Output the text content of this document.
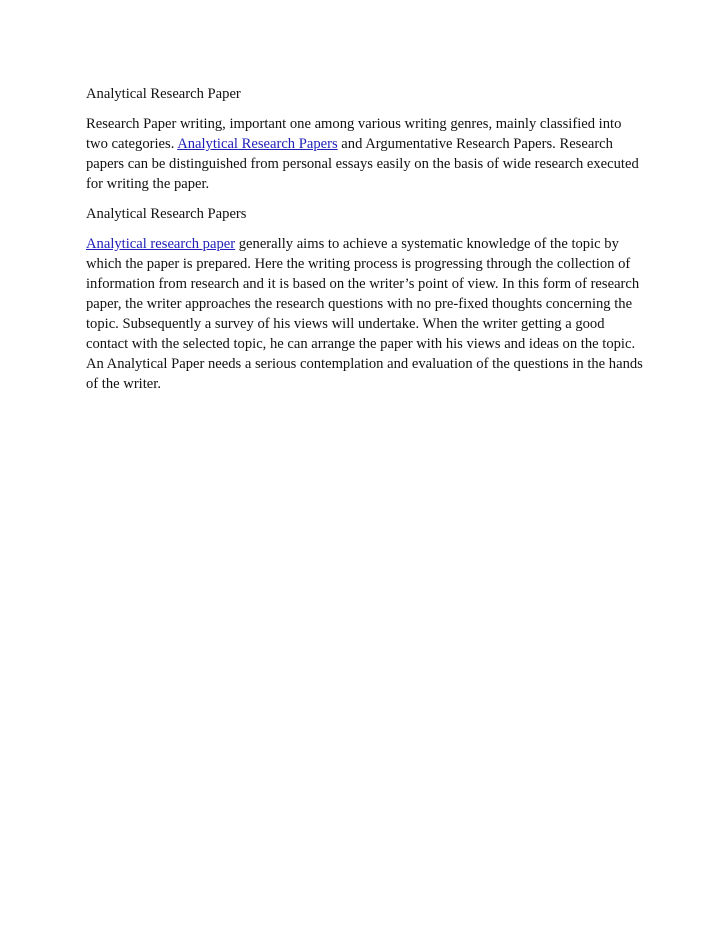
Analytical Research Paper

Research Paper writing, important one among various writing genres, mainly classified into two categories. Analytical Research Papers and Argumentative Research Papers. Research papers can be distinguished from personal essays easily on the basis of wide research executed for writing the paper.

Analytical Research Papers

Analytical research paper generally aims to achieve a systematic knowledge of the topic by which the paper is prepared. Here the writing process is progressing through the collection of information from research and it is based on the writer’s point of view. In this form of research paper, the writer approaches the research questions with no pre-fixed thoughts concerning the topic. Subsequently a survey of his views will undertake. When the writer getting a good contact with the selected topic, he can arrange the paper with his views and ideas on the topic. An Analytical Paper needs a serious contemplation and evaluation of the questions in the hands of the writer.
